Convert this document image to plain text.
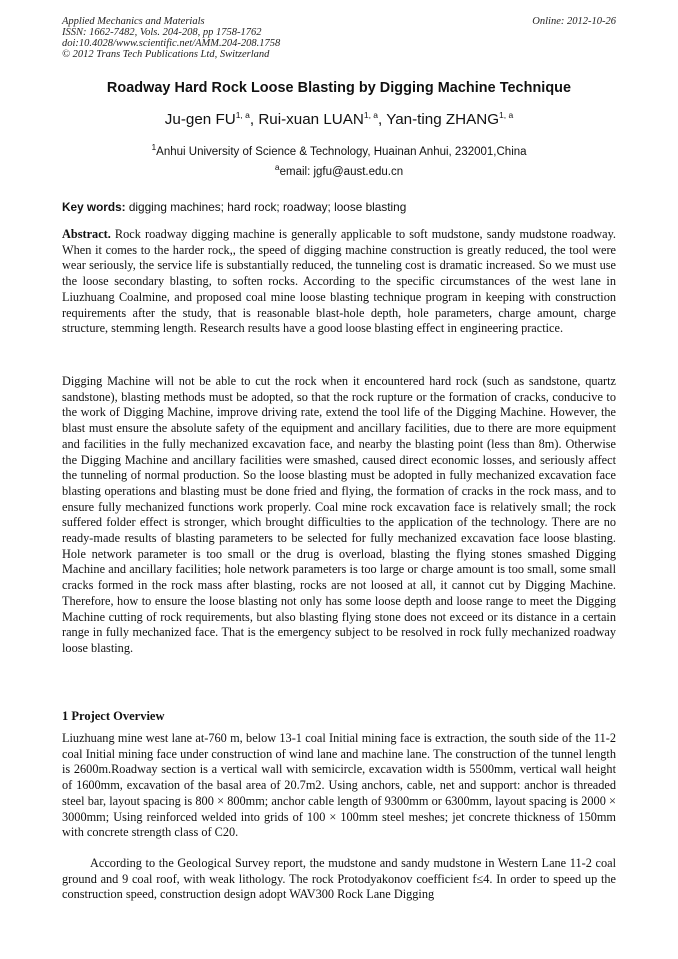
Applied Mechanics and Materials
ISSN: 1662-7482, Vols. 204-208, pp 1758-1762
doi:10.4028/www.scientific.net/AMM.204-208.1758
© 2012 Trans Tech Publications Ltd, Switzerland
Online: 2012-10-26
Roadway Hard Rock Loose Blasting by Digging Machine Technique
Ju-gen FU$^{1, a}$, Rui-xuan LUAN$^{1, a}$, Yan-ting ZHANG$^{1, a}$
$^1$Anhui University of Science & Technology, Huainan Anhui, 232001,China
$^a$email: jgfu@aust.edu.cn
Key words: digging machines; hard rock; roadway; loose blasting
Abstract. Rock roadway digging machine is generally applicable to soft mudstone, sandy mudstone roadway. When it comes to the harder rock,, the speed of digging machine construction is greatly reduced, the tool were wear seriously, the service life is substantially reduced, the tunneling cost is dramatic increased. So we must use the loose secondary blasting, to soften rocks. According to the specific circumstances of the west lane in Liuzhuang Coalmine, and proposed coal mine loose blasting technique program in keeping with construction requirements after the study, that is reasonable blast-hole depth, hole parameters, charge amount, charge structure, stemming length. Research results have a good loose blasting effect in engineering practice.
Digging Machine will not be able to cut the rock when it encountered hard rock (such as sandstone, quartz sandstone), blasting methods must be adopted, so that the rock rupture or the formation of cracks, conducive to the work of Digging Machine, improve driving rate, extend the tool life of the Digging Machine. However, the blast must ensure the absolute safety of the equipment and ancillary facilities, due to there are more equipment and facilities in the fully mechanized excavation face, and nearby the blasting point (less than 8m). Otherwise the Digging Machine and ancillary facilities were smashed, caused direct economic losses, and seriously affect the tunneling of normal production. So the loose blasting must be adopted in fully mechanized excavation face blasting operations and blasting must be done fried and flying, the formation of cracks in the rock mass, and to ensure fully mechanized functions work properly. Coal mine rock excavation face is relatively small; the rock suffered folder effect is stronger, which brought difficulties to the application of the technology. There are no ready-made results of blasting parameters to be selected for fully mechanized excavation face loose blasting. Hole network parameter is too small or the drug is overload, blasting the flying stones smashed Digging Machine and ancillary facilities; hole network parameters is too large or charge amount is too small, some small cracks formed in the rock mass after blasting, rocks are not loosed at all, it cannot cut by Digging Machine. Therefore, how to ensure the loose blasting not only has some loose depth and loose range to meet the Digging Machine cutting of rock requirements, but also blasting flying stone does not exceed or its distance in a certain range in fully mechanized face. That is the emergency subject to be resolved in rock fully mechanized roadway loose blasting.
1 Project Overview
Liuzhuang mine west lane at-760 m, below 13-1 coal Initial mining face is extraction, the south side of the 11-2 coal Initial mining face under construction of wind lane and machine lane. The construction of the tunnel length is 2600m.Roadway section is a vertical wall with semicircle, excavation width is 5500mm, vertical wall height of 1600mm, excavation of the basal area of 20.7m2. Using anchors, cable, net and support: anchor is threaded steel bar, layout spacing is 800 × 800mm; anchor cable length of 9300mm or 6300mm, layout spacing is 2000 × 3000mm; Using reinforced welded into grids of 100 × 100mm steel meshes; jet concrete thickness of 150mm with concrete strength class of C20.
According to the Geological Survey report, the mudstone and sandy mudstone in Western Lane 11-2 coal ground and 9 coal roof, with weak lithology. The rock Protodyakonov coefficient f≤4. In order to speed up the construction speed, construction design adopt WAV300 Rock Lane Digging
